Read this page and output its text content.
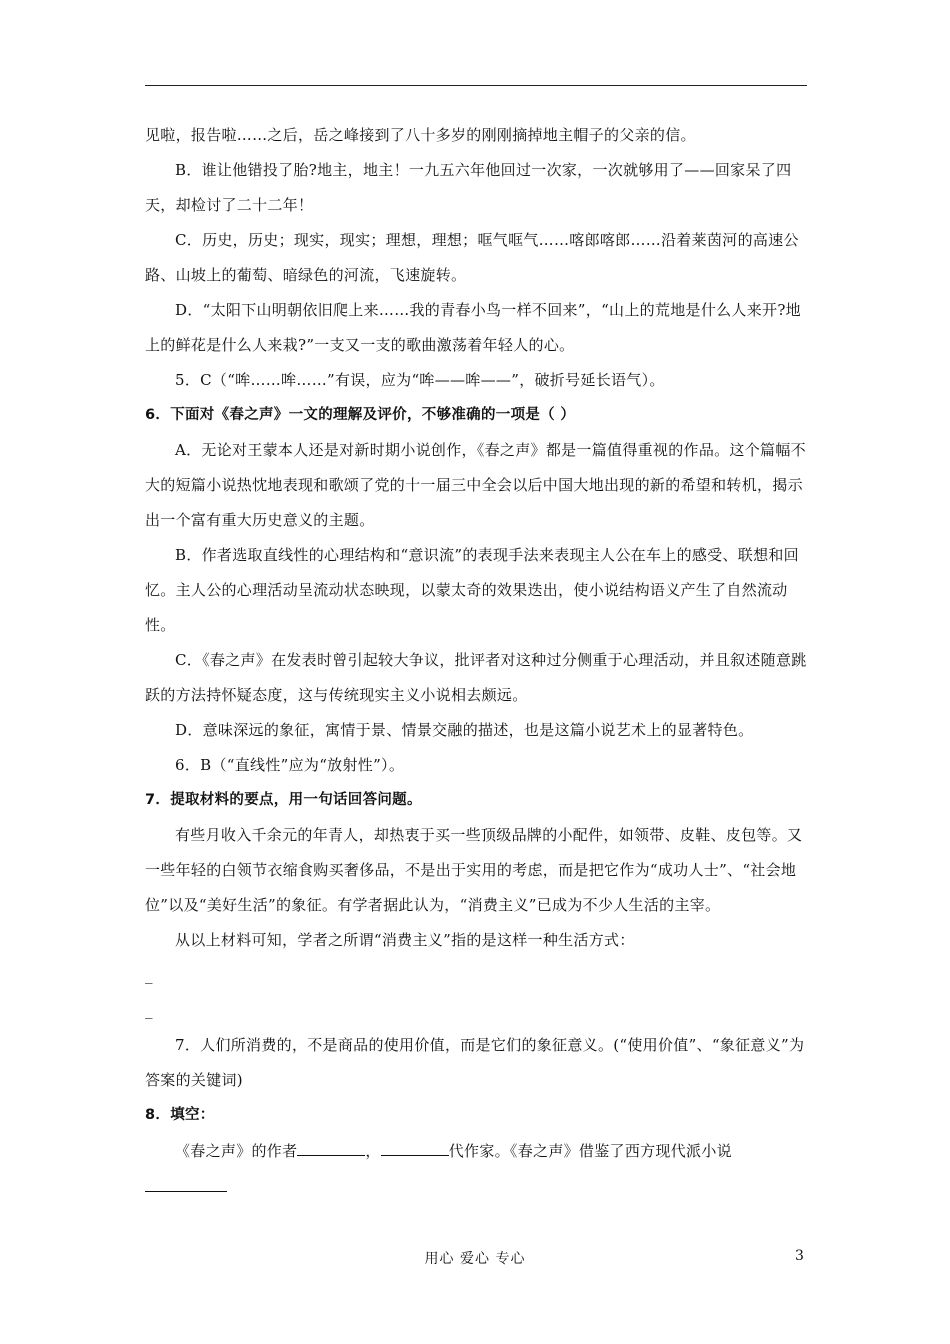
见啦，报告啦……之后，岳之峰接到了八十多岁的刚刚摘掉地主帽子的父亲的信。

B．谁让他错投了胎?地主，地主！一九五六年他回过一次家，一次就够用了——回家呆了四天，却检讨了二十二年！

C．历史，历史；现实，现实；理想，理想；哐气哐气……喀郎喀郎……沿着莱茵河的高速公路、山坡上的葡萄、暗绿色的河流，飞速旋转。

D．“太阳下山明朝依旧爬上来……我的青春小鸟一样不回来”，“山上的荒地是什么人来开?地上的鲜花是什么人来栽?”一支又一支的歌曲激荡着年轻人的心。

5．C（“哞……哞……”有误，应为“哞——哞——”，破折号延长语气）。

6．下面对《春之声》一文的理解及评价，不够准确的一项是（ ）

A．无论对王蒙本人还是对新时期小说创作，《春之声》都是一篇值得重视的作品。这个篇幅不大的短篇小说热忱地表现和歌颂了党的十一届三中全会以后中国大地出现的新的希望和转机，揭示出一个富有重大历史意义的主题。

B．作者选取直线性的心理结构和“意识流”的表现手法来表现主人公在车上的感受、联想和回忆。主人公的心理活动呈流动状态映现，以蒙太奇的效果迭出，使小说结构语义产生了自然流动性。

C．《春之声》在发表时曾引起较大争议，批评者对这种过分侧重于心理活动，并且叙述随意跳跃的方法持怀疑态度，这与传统现实主义小说相去颇远。

D．意味深远的象征，寓情于景、情景交融的描述，也是这篇小说艺术上的显著特色。

6．B（“直线性”应为“放射性”）。

7．提取材料的要点，用一句话回答问题。

有些月收入千余元的年青人，却热衷于买一些顶级品牌的小配件，如领带、皮鞋、皮包等。又一些年轻的白领节衣缩食购买奢侈品，不是出于实用的考虑，而是把它作为“成功人士”、“社会地位”以及“美好生活”的象征。有学者据此认为，“消费主义”已成为不少人生活的主宰。

从以上材料可知，学者之所谓“消费主义”指的是这样一种生活方式：

_

_

7．人们所消费的，不是商品的使用价值，而是它们的象征意义。(“使用价值”、“象征意义”为答案的关键词)

8．填空：

《春之声》的作者	，	代作家。《春之声》借鉴了西方现代派小说

用心 爱心 专心	3
